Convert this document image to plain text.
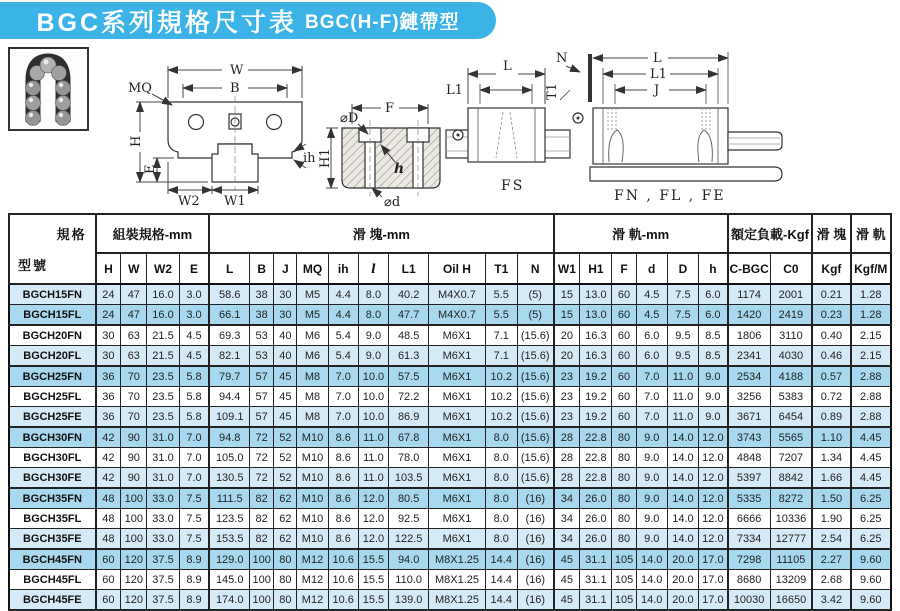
BGC系列規格尺寸表 BGC(H-F)鏈帶型
W
B
MQ
H
E
W2 W1
ih
F
⌀D
H1
h
⌀d
L
L1
FS
N
T1
L
L1
J
FN , FL , FE
規格
型號	組裝規格-mm				滑 塊-mm										滑 軌-mm						額定負載-Kgf		滑 塊	滑 軌
	H	W	W2	E	L	B	J	MQ	ih	l	L1	Oil H	T1	N	W1	H1	F	d	D	h	C-BGC	C0	Kgf	Kgf/M
BGCH15FN	24	47	16.0	3.0	58.6	38	30	M5	4.4	8.0	40.2	M4X0.7	5.5	(5)	15	13.0	60	4.5	7.5	6.0	1174	2001	0.21	1.28
BGCH15FL	24	47	16.0	3.0	66.1	38	30	M5	4.4	8.0	47.7	M4X0.7	5.5	(5)	15	13.0	60	4.5	7.5	6.0	1420	2419	0.23	1.28
BGCH20FN	30	63	21.5	4.5	69.3	53	40	M6	5.4	9.0	48.5	M6X1	7.1	(15.6)	20	16.3	60	6.0	9.5	8.5	1806	3110	0.40	2.15
BGCH20FL	30	63	21.5	4.5	82.1	53	40	M6	5.4	9.0	61.3	M6X1	7.1	(15.6)	20	16.3	60	6.0	9.5	8.5	2341	4030	0.46	2.15
BGCH25FN	36	70	23.5	5.8	79.7	57	45	M8	7.0	10.0	57.5	M6X1	10.2	(15.6)	23	19.2	60	7.0	11.0	9.0	2534	4188	0.57	2.88
BGCH25FL	36	70	23.5	5.8	94.4	57	45	M8	7.0	10.0	72.2	M6X1	10.2	(15.6)	23	19.2	60	7.0	11.0	9.0	3256	5383	0.72	2.88
BGCH25FE	36	70	23.5	5.8	109.1	57	45	M8	7.0	10.0	86.9	M6X1	10.2	(15.6)	23	19.2	60	7.0	11.0	9.0	3671	6454	0.89	2.88
BGCH30FN	42	90	31.0	7.0	94.8	72	52	M10	8.6	11.0	67.8	M6X1	8.0	(15.6)	28	22.8	80	9.0	14.0	12.0	3743	5565	1.10	4.45
BGCH30FL	42	90	31.0	7.0	105.0	72	52	M10	8.6	11.0	78.0	M6X1	8.0	(15.6)	28	22.8	80	9.0	14.0	12.0	4848	7207	1.34	4.45
BGCH30FE	42	90	31.0	7.0	130.5	72	52	M10	8.6	11.0	103.5	M6X1	8.0	(15.6)	28	22.8	80	9.0	14.0	12.0	5397	8842	1.66	4.45
BGCH35FN	48	100	33.0	7.5	111.5	82	62	M10	8.6	12.0	80.5	M6X1	8.0	(16)	34	26.0	80	9.0	14.0	12.0	5335	8272	1.50	6.25
BGCH35FL	48	100	33.0	7.5	123.5	82	62	M10	8.6	12.0	92.5	M6X1	8.0	(16)	34	26.0	80	9.0	14.0	12.0	6666	10336	1.90	6.25
BGCH35FE	48	100	33.0	7.5	153.5	82	62	M10	8.6	12.0	122.5	M6X1	8.0	(16)	34	26.0	80	9.0	14.0	12.0	7334	12777	2.54	6.25
BGCH45FN	60	120	37.5	8.9	129.0	100	80	M12	10.6	15.5	94.0	M8X1.25	14.4	(16)	45	31.1	105	14.0	20.0	17.0	7298	11105	2.27	9.60
BGCH45FL	60	120	37.5	8.9	145.0	100	80	M12	10.6	15.5	110.0	M8X1.25	14.4	(16)	45	31.1	105	14.0	20.0	17.0	8680	13209	2.68	9.60
BGCH45FE	60	120	37.5	8.9	174.0	100	80	M12	10.6	15.5	139.0	M8X1.25	14.4	(16)	45	31.1	105	14.0	20.0	17.0	10030	16650	3.42	9.60
